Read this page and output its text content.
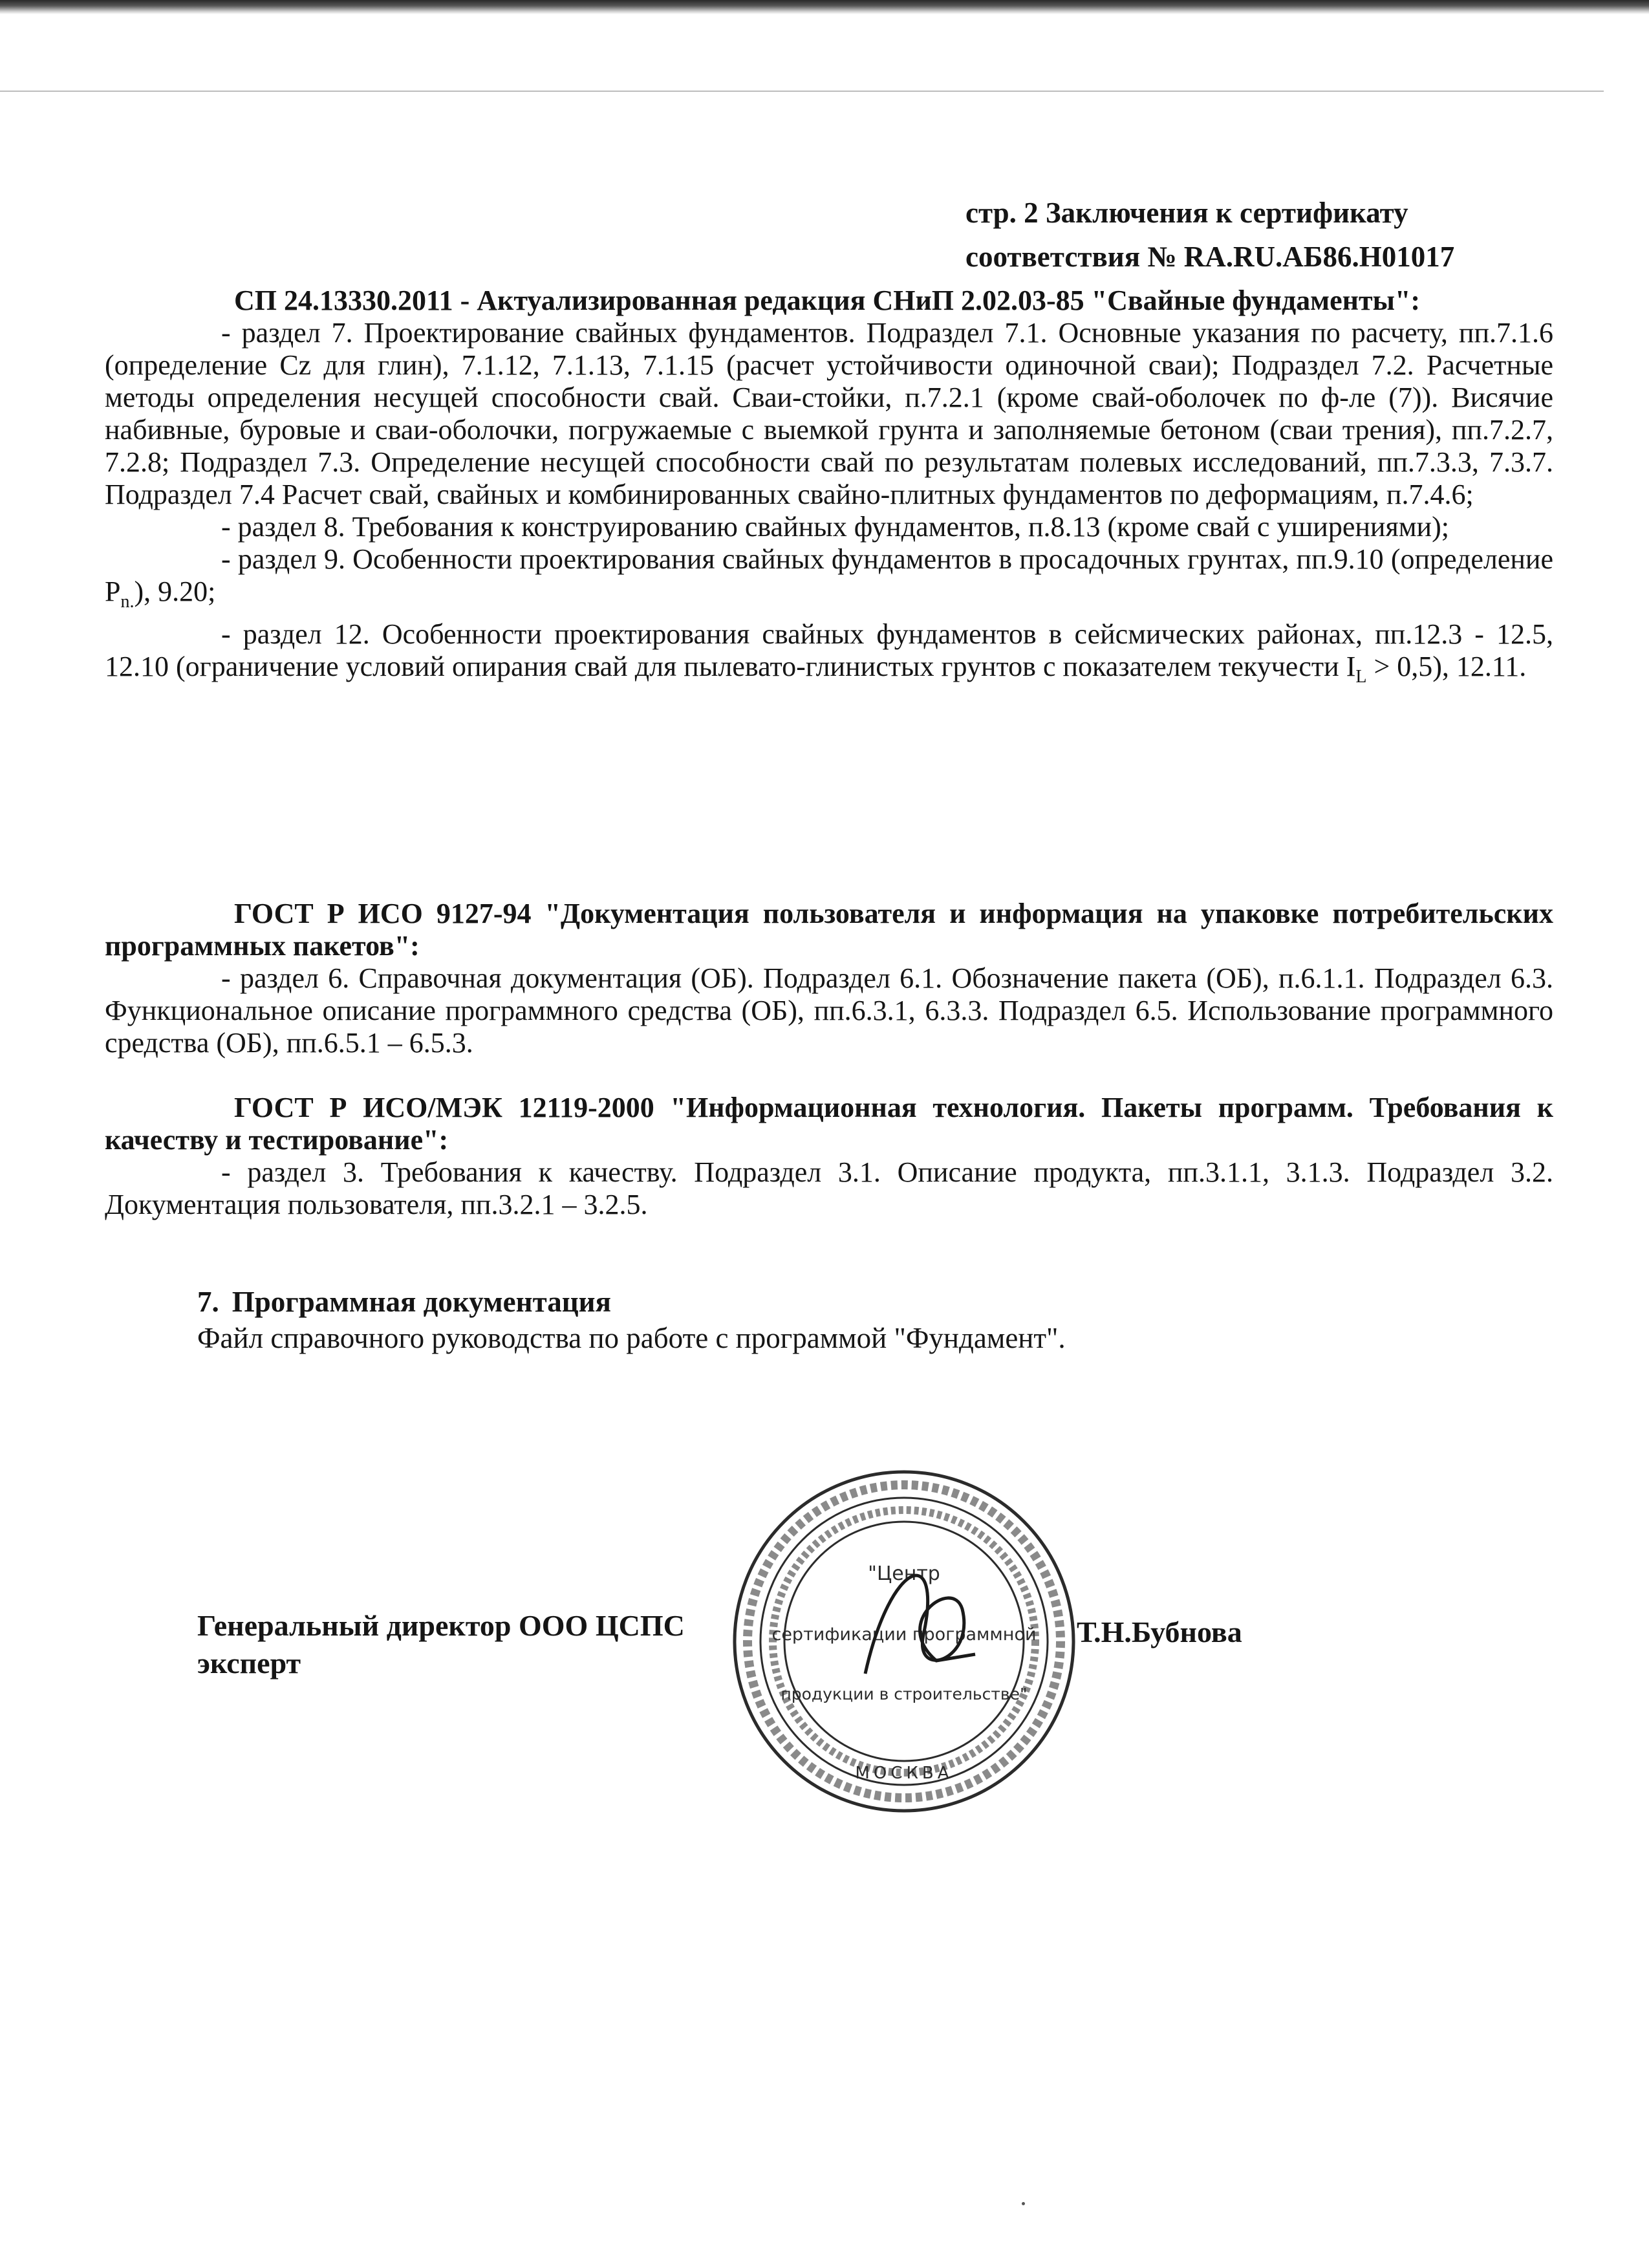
стр. 2 Заключения к сертификату
соответствия № RA.RU.АБ86.Н01017

СП 24.13330.2011 - Актуализированная редакция СНиП 2.02.03-85 "Свайные фундаменты":

- раздел 7. Проектирование свайных фундаментов. Подраздел 7.1. Основные указания по расчету, пп.7.1.6 (определение Cz для глин), 7.1.12, 7.1.13, 7.1.15 (расчет устойчивости одиночной сваи); Подраздел 7.2. Расчетные методы определения несущей способности свай. Сваи-стойки, п.7.2.1 (кроме свай-оболочек по ф-ле (7)). Висячие набивные, буровые и сваи-оболочки, погружаемые с выемкой грунта и заполняемые бетоном (сваи трения), пп.7.2.7, 7.2.8; Подраздел 7.3. Определение несущей способности свай по результатам полевых исследований, пп.7.3.3, 7.3.7. Подраздел 7.4 Расчет свай, свайных и комбинированных свайно-плитных фундаментов по деформациям, п.7.4.6;

- раздел 8. Требования к конструированию свайных фундаментов, п.8.13 (кроме свай с уширениями);

- раздел 9. Особенности проектирования свайных фундаментов в просадочных грунтах, пп.9.10 (определение $P_{n.}$), 9.20;

- раздел 12. Особенности проектирования свайных фундаментов в сейсмических районах, пп.12.3 - 12.5, 12.10 (ограничение условий опирания свай для пылевато-глинистых грунтов с показателем текучести $I_L > 0,5$), 12.11.

ГОСТ Р ИСО 9127-94 "Документация пользователя и информация на упаковке потребительских программных пакетов":

- раздел 6. Справочная документация (ОБ). Подраздел 6.1. Обозначение пакета (ОБ), п.6.1.1. Подраздел 6.3. Функциональное описание программного средства (ОБ), пп.6.3.1, 6.3.3. Подраздел 6.5. Использование программного средства (ОБ), пп.6.5.1 – 6.5.3.

ГОСТ Р ИСО/МЭК 12119-2000 "Информационная технология. Пакеты программ. Требования к качеству и тестирование":

- раздел 3. Требования к качеству. Подраздел 3.1. Описание продукта, пп.3.1.1, 3.1.3. Подраздел 3.2. Документация пользователя, пп.3.2.1 – 3.2.5.

7. Программная документация
Файл справочного руководства по работе с программой "Фундамент".
Генеральный директор ООО ЦСПС
эксперт
Т.Н.Бубнова
"Центр
сертификации программной
продукции в строительстве"
МОСКВА
